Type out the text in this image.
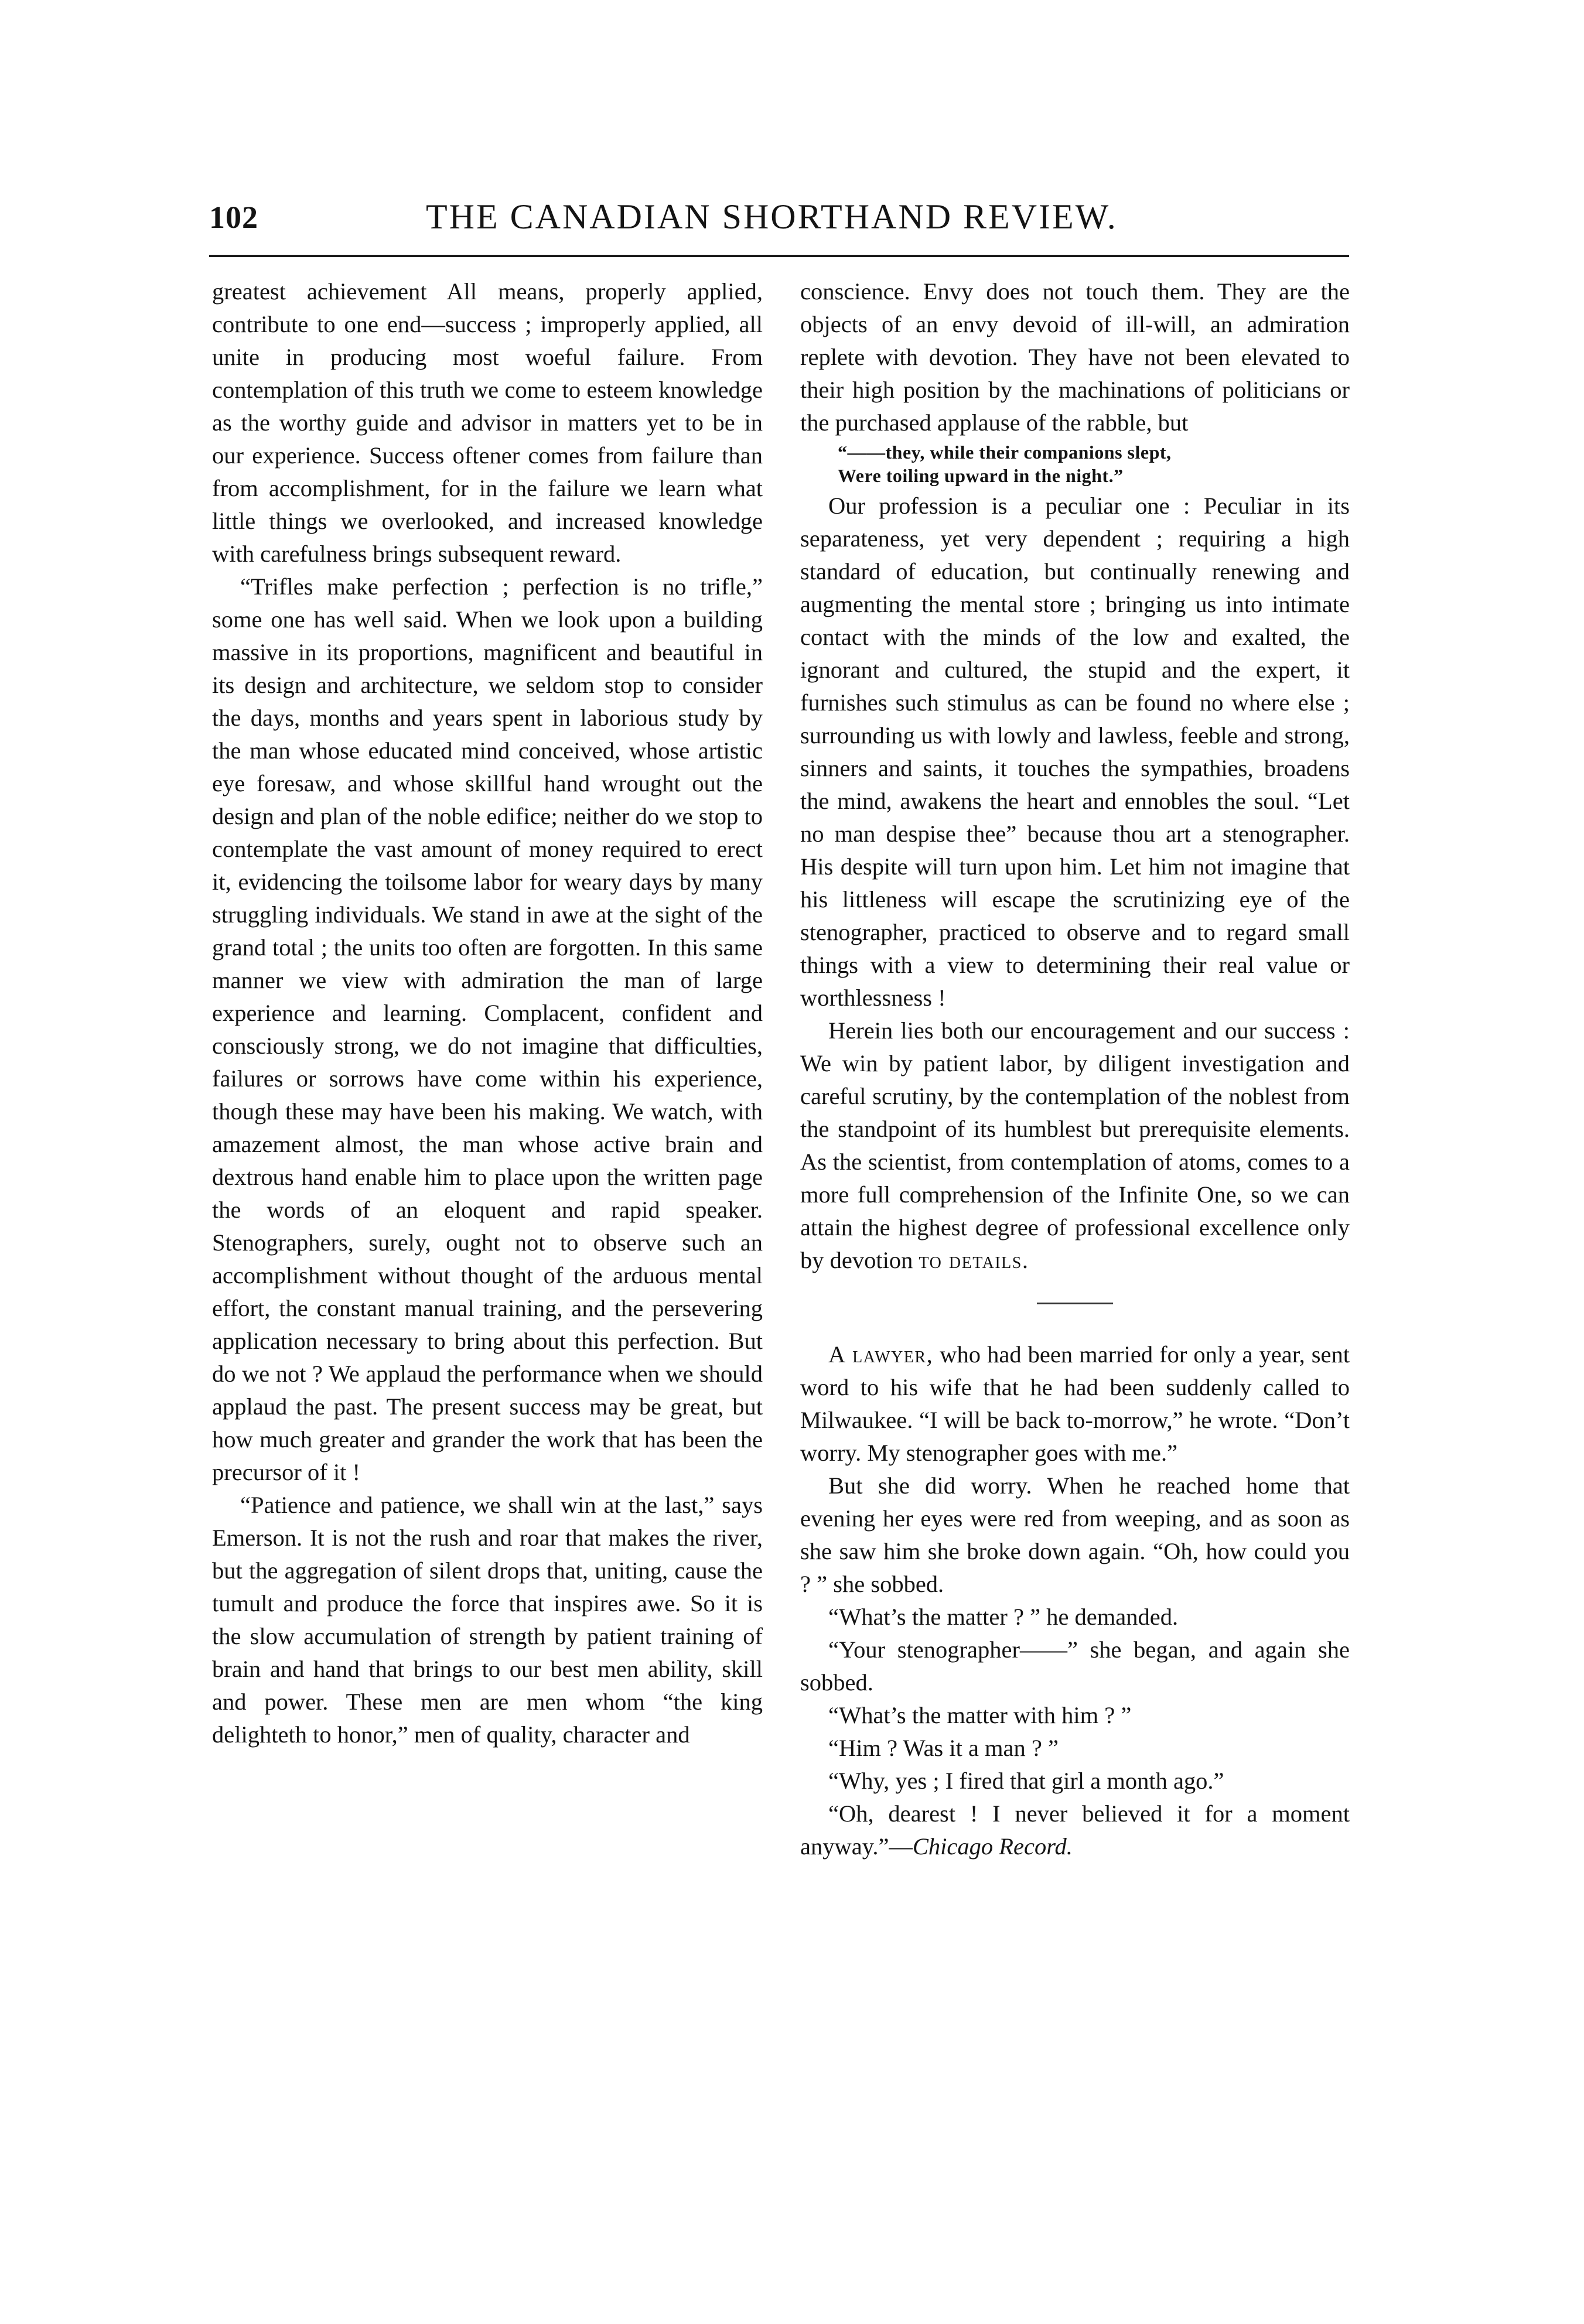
102	THE CANADIAN SHORTHAND REVIEW.

greatest achievement All means, properly applied, contribute to one end—success ; improperly applied, all unite in producing most woeful failure. From contemplation of this truth we come to esteem knowledge as the worthy guide and advisor in matters yet to be in our experience. Success oftener comes from failure than from accomplishment, for in the failure we learn what little things we overlooked, and increased knowledge with carefulness brings subsequent reward.

“Trifles make perfection ; perfection is no trifle,” some one has well said. When we look upon a building massive in its proportions, magnificent and beautiful in its design and architecture, we seldom stop to consider the days, months and years spent in laborious study by the man whose educated mind conceived, whose artistic eye foresaw, and whose skillful hand wrought out the design and plan of the noble edifice; neither do we stop to contemplate the vast amount of money required to erect it, evidencing the toilsome labor for weary days by many struggling individuals. We stand in awe at the sight of the grand total ; the units too often are forgotten. In this same manner we view with admiration the man of large experience and learning. Complacent, confident and consciously strong, we do not imagine that difficulties, failures or sorrows have come within his experience, though these may have been his making. We watch, with amazement almost, the man whose active brain and dextrous hand enable him to place upon the written page the words of an eloquent and rapid speaker. Stenographers, surely, ought not to observe such an accomplishment without thought of the arduous mental effort, the constant manual training, and the persevering application necessary to bring about this perfection. But do we not ? We applaud the performance when we should applaud the past. The present success may be great, but how much greater and grander the work that has been the precursor of it !

“Patience and patience, we shall win at the last,” says Emerson. It is not the rush and roar that makes the river, but the aggregation of silent drops that, uniting, cause the tumult and produce the force that inspires awe. So it is the slow accumulation of strength by patient training of brain and hand that brings to our best men ability, skill and power. These men are men whom “the king delighteth to honor,” men of quality, character and

conscience. Envy does not touch them. They are the objects of an envy devoid of ill-will, an admiration replete with devotion. They have not been elevated to their high position by the machinations of politicians or the purchased applause of the rabble, but

“——they, while their companions slept,
Were toiling upward in the night.”

Our profession is a peculiar one : Peculiar in its separateness, yet very dependent ; requiring a high standard of education, but continually renewing and augmenting the mental store ; bringing us into intimate contact with the minds of the low and exalted, the ignorant and cultured, the stupid and the expert, it furnishes such stimulus as can be found no where else ; surrounding us with lowly and lawless, feeble and strong, sinners and saints, it touches the sympathies, broadens the mind, awakens the heart and ennobles the soul. “Let no man despise thee” because thou art a stenographer. His despite will turn upon him. Let him not imagine that his littleness will escape the scrutinizing eye of the stenographer, practiced to observe and to regard small things with a view to determining their real value or worthlessness !

Herein lies both our encouragement and our success : We win by patient labor, by diligent investigation and careful scrutiny, by the contemplation of the noblest from the standpoint of its humblest but prerequisite elements. As the scientist, from contemplation of atoms, comes to a more full comprehension of the Infinite One, so we can attain the highest degree of professional excellence only by devotion to details.

A lawyer, who had been married for only a year, sent word to his wife that he had been suddenly called to Milwaukee. “I will be back to-morrow,” he wrote. “Don’t worry. My stenographer goes with me.”

But she did worry. When he reached home that evening her eyes were red from weeping, and as soon as she saw him she broke down again. “Oh, how could you ? ” she sobbed.

“What’s the matter ? ” he demanded.

“Your stenographer——” she began, and again she sobbed.

“What’s the matter with him ? ”

“Him ? Was it a man ? ”

“Why, yes ; I fired that girl a month ago.”

“Oh, dearest ! I never believed it for a moment anyway.”—Chicago Record.
